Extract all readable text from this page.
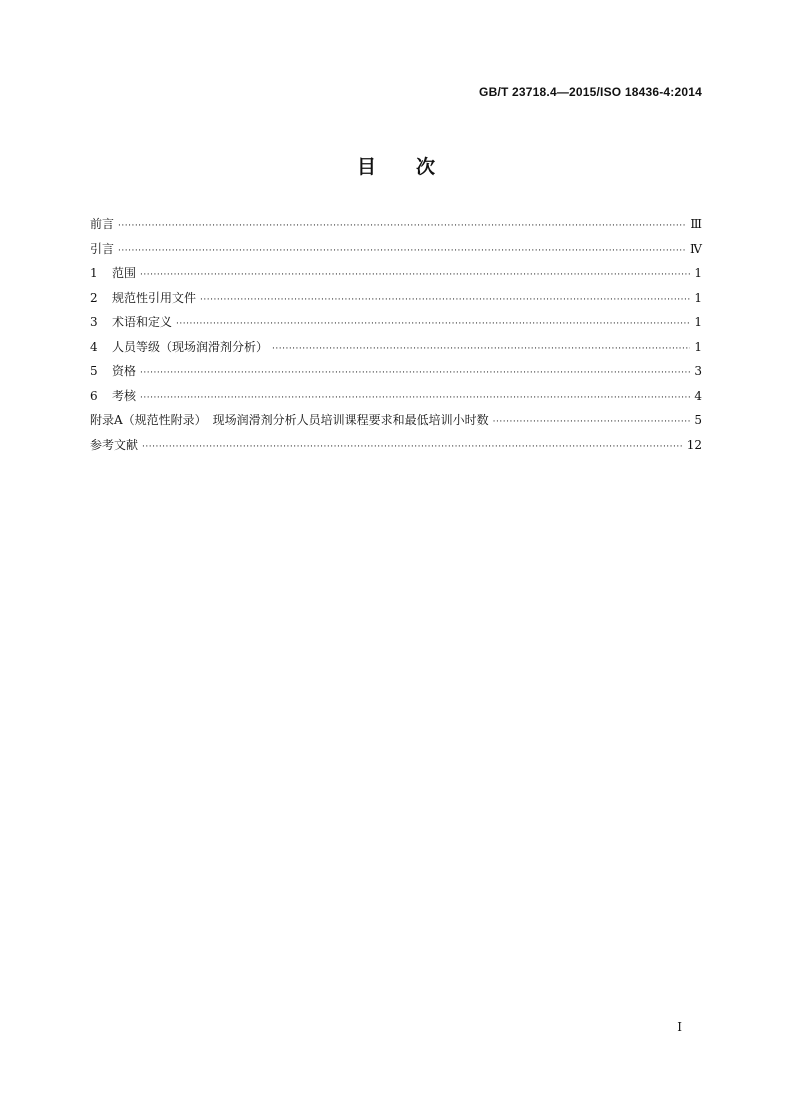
GB/T 23718.4—2015/ISO 18436-4:2014
目 次
前言 ·····	Ⅲ
引言 ·····	Ⅳ
1	范围 ·····	1
2	规范性引用文件 ·····	1
3	术语和定义 ·····	1
4	人员等级（现场润滑剂分析） ·····	1
5	资格 ·····	3
6	考核 ·····	4
附录A（规范性附录）　现场润滑剂分析人员培训课程要求和最低培训小时数 ·····	5
参考文献 ·····	12
Ⅰ
